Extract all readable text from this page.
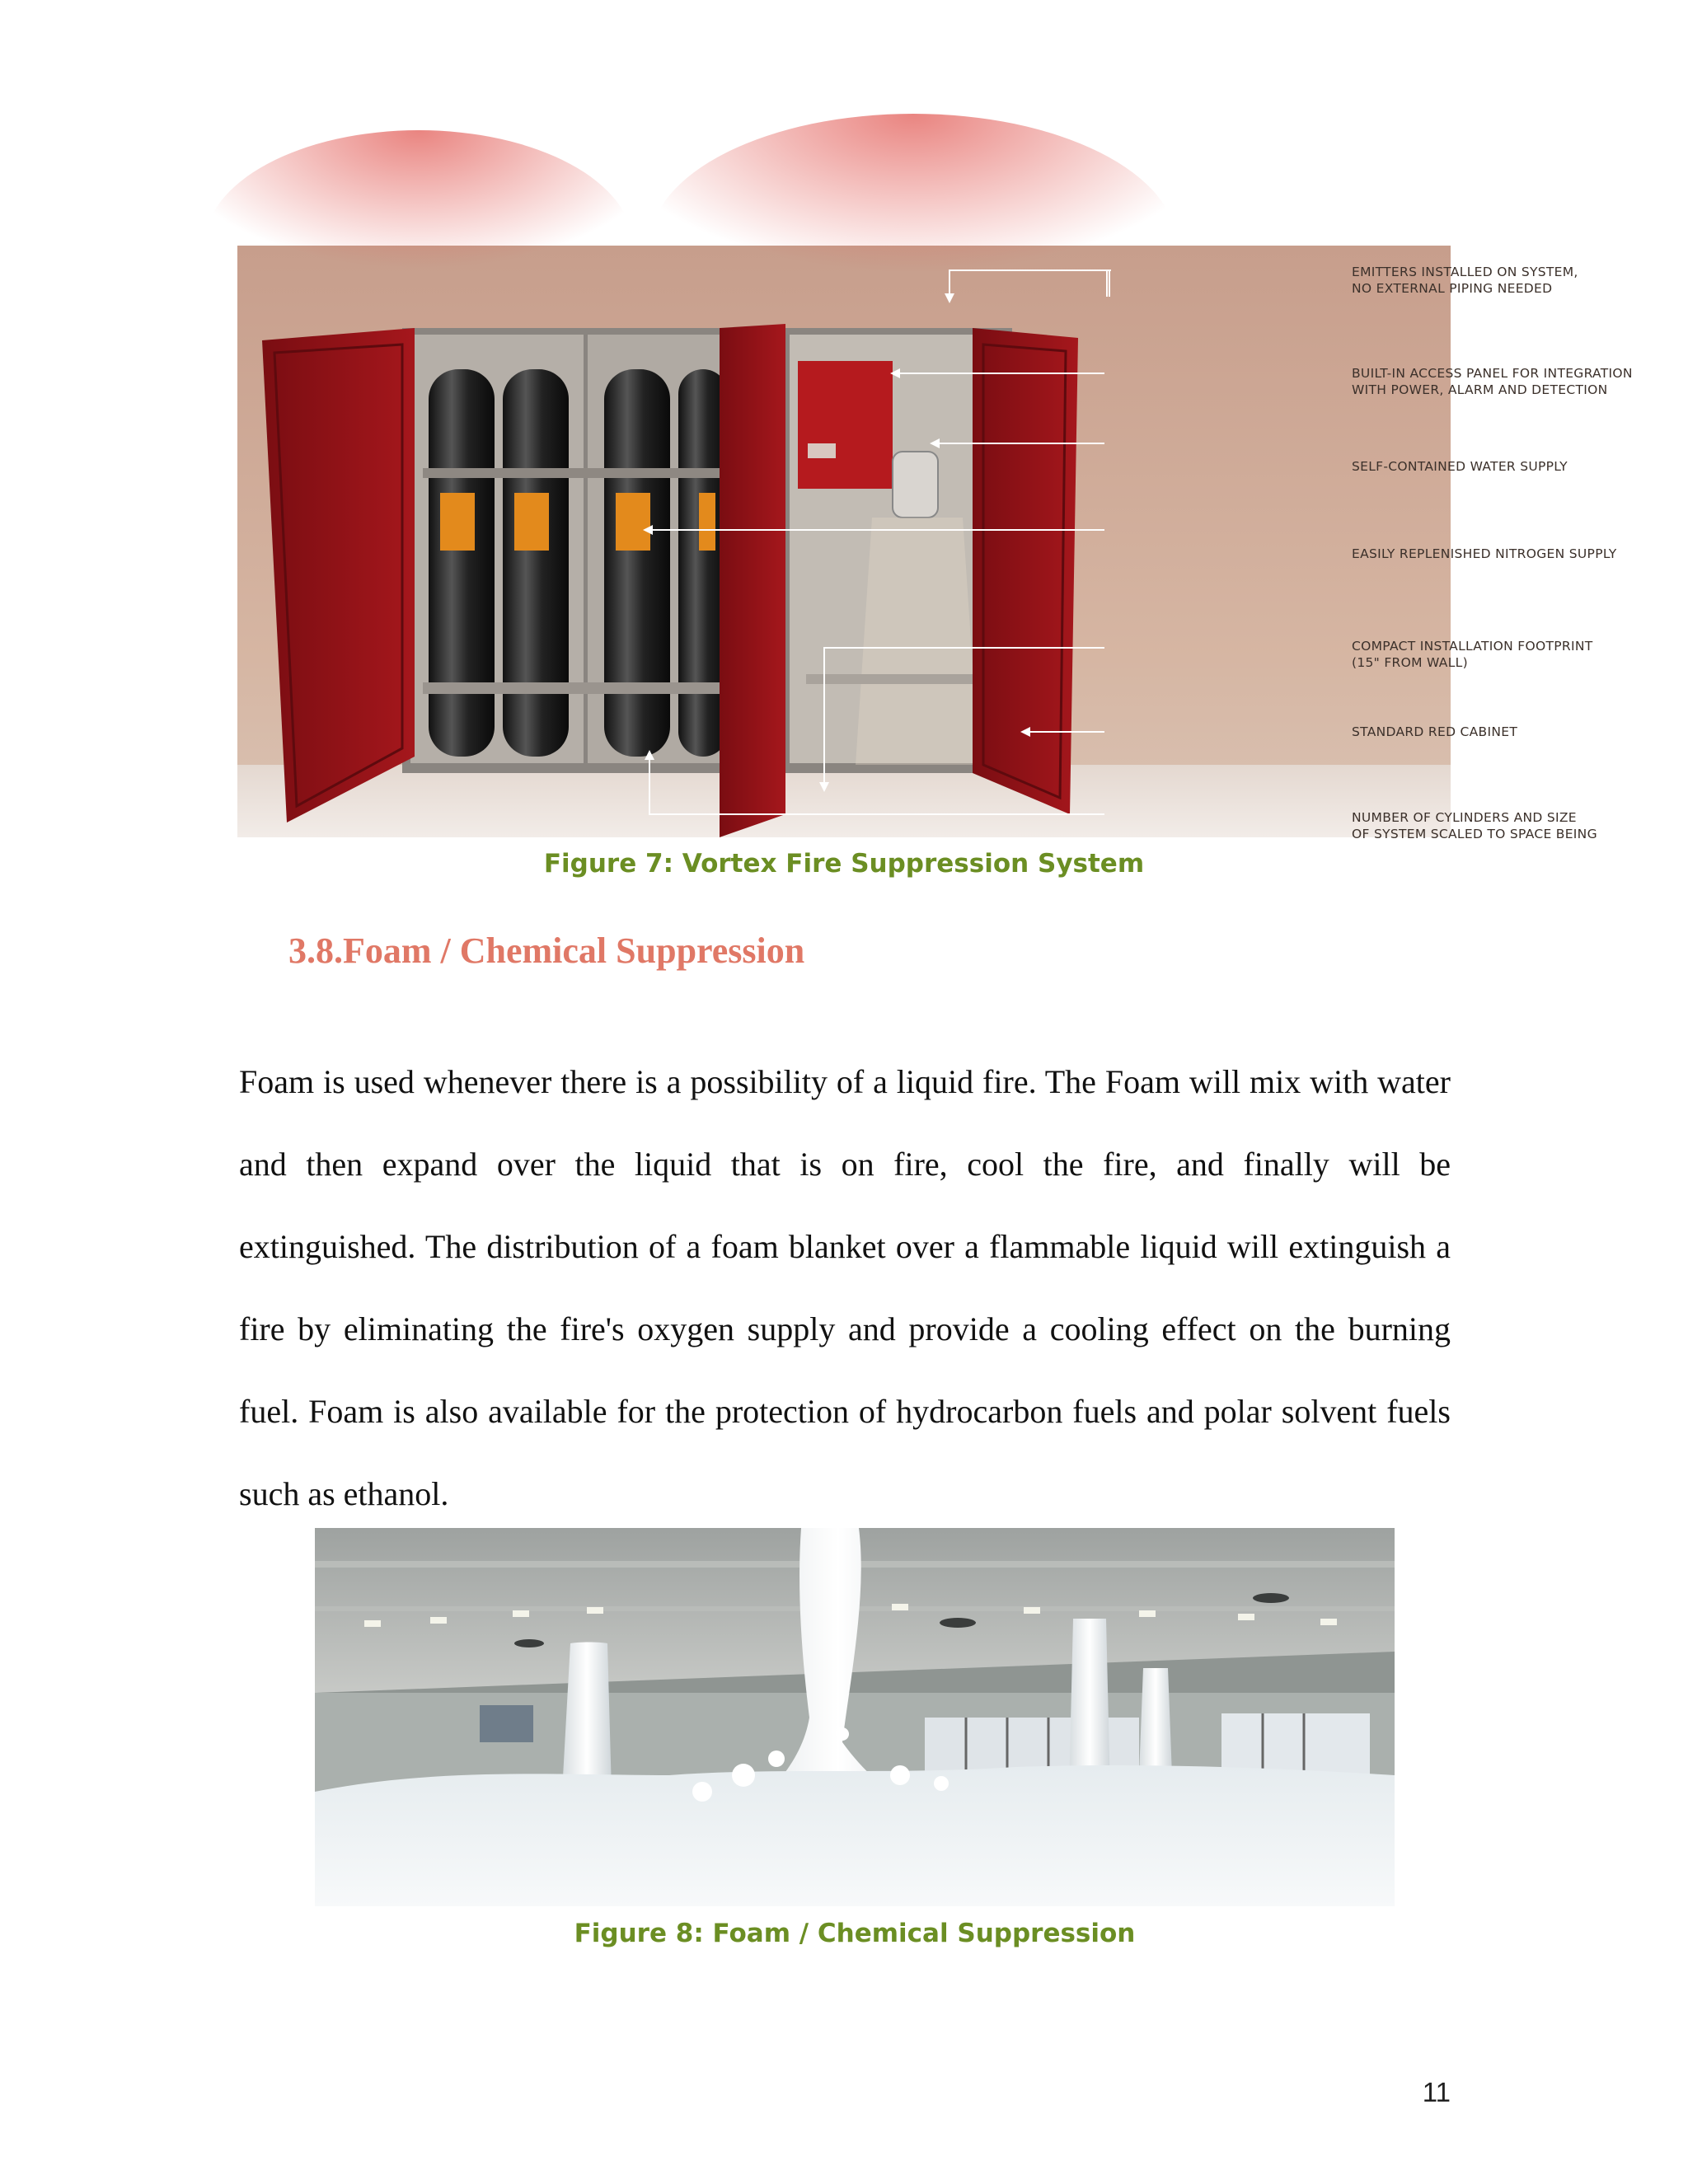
EMITTERS INSTALLED ON SYSTEM,
NO EXTERNAL PIPING NEEDED
BUILT-IN ACCESS PANEL FOR INTEGRATION
WITH POWER, ALARM AND DETECTION
SELF-CONTAINED WATER SUPPLY
EASILY REPLENISHED NITROGEN SUPPLY
COMPACT INSTALLATION FOOTPRINT
(15" FROM WALL)
STANDARD RED CABINET
NUMBER OF CYLINDERS AND SIZE
OF SYSTEM SCALED TO SPACE BEING
Figure 7: Vortex Fire Suppression System
3.8.Foam / Chemical Suppression

Foam is used whenever there is a possibility of a liquid fire. The Foam will mix with water and then expand over the liquid that is on fire, cool the fire, and finally will be extinguished. The distribution of a foam blanket over a flammable liquid will extinguish a fire by eliminating the fire's oxygen supply and provide a cooling effect on the burning fuel. Foam is also available for the protection of hydrocarbon fuels and polar solvent fuels such as ethanol.

Figure 8: Foam / Chemical Suppression
11
